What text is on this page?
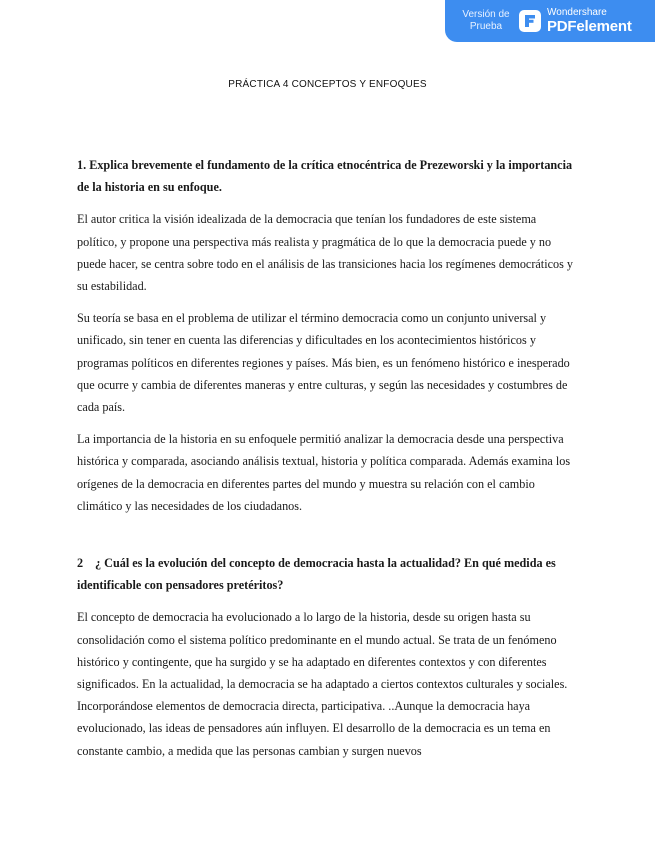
Versión de
Prueba
Wondershare
PDFelement
PRÁCTICA 4 CONCEPTOS Y ENFOQUES

1. Explica brevemente el fundamento de la crítica etnocéntrica de Prezeworski y la importancia de la historia en su enfoque.

El autor critica la visión idealizada de la democracia que tenían los fundadores de este sistema político, y propone una perspectiva más realista y pragmática de lo que la democracia puede y no puede hacer, se centra sobre todo en el análisis de las transiciones hacia los regímenes democráticos y su estabilidad.

Su teoría se basa en el problema de utilizar el término democracia como un conjunto universal y unificado, sin tener en cuenta las diferencias y dificultades en los acontecimientos históricos y programas políticos en diferentes regiones y países. Más bien, es un fenómeno histórico e inesperado que ocurre y cambia de diferentes maneras y entre culturas, y según las necesidades y costumbres de cada país.

La importancia de la historia en su enfoquele permitió analizar la democracia desde una perspectiva histórica y comparada, asociando análisis textual, historia y política comparada. Además examina los orígenes de la democracia en diferentes partes del mundo y muestra su relación con el cambio climático y las necesidades de los ciudadanos.

2 ¿ Cuál es la evolución del concepto de democracia hasta la actualidad? En qué medida es identificable con pensadores pretéritos?

El concepto de democracia ha evolucionado a lo largo de la historia, desde su origen hasta su consolidación como el sistema político predominante en el mundo actual. Se trata de un fenómeno histórico y contingente, que ha surgido y se ha adaptado en diferentes contextos y con diferentes significados. En la actualidad, la democracia se ha adaptado a ciertos contextos culturales y sociales. Incorporándose elementos de democracia directa, participativa. ..Aunque la democracia haya evolucionado, las ideas de pensadores aún influyen. El desarrollo de la democracia es un tema en constante cambio, a medida que las personas cambian y surgen nuevos
